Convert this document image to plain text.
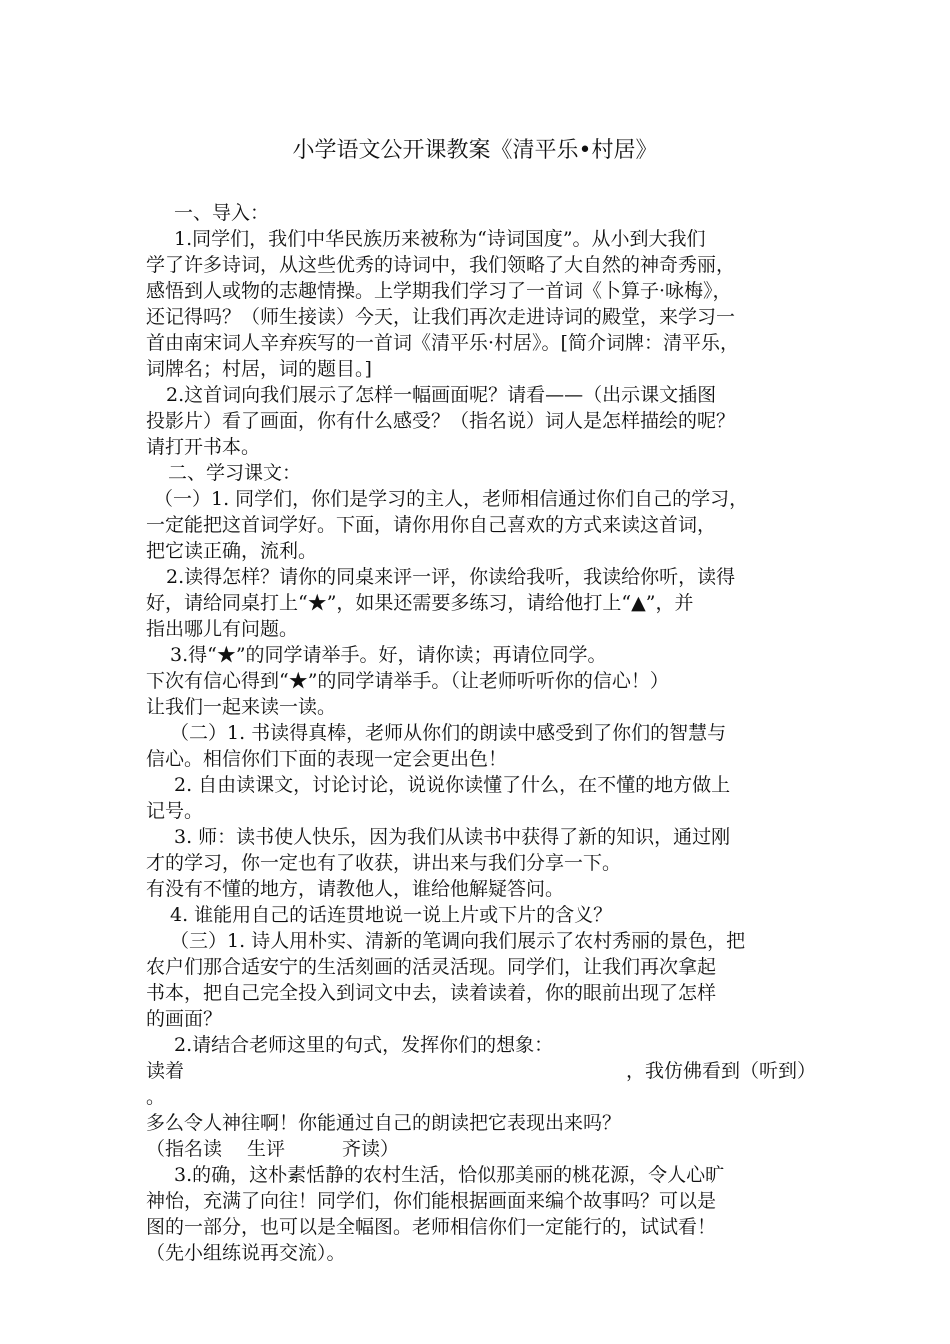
小学语文公开课教案《清平乐•村居》
一、导入：
1.同学们，我们中华民族历来被称为“诗词国度”。从小到大我们
学了许多诗词，从这些优秀的诗词中，我们领略了大自然的神奇秀丽，
感悟到人或物的志趣情操。上学期我们学习了一首词《卜算子·咏梅》，
还记得吗？（师生接读）今天，让我们再次走进诗词的殿堂，来学习一
首由南宋词人辛弃疾写的一首词《清平乐·村居》。[简介词牌：清平乐，
词牌名；村居，词的题目。]
2.这首词向我们展示了怎样一幅画面呢？请看——（出示课文插图
投影片）看了画面，你有什么感受？（指名说）词人是怎样描绘的呢？
请打开书本。
二、学习课文：
（一）1. 同学们，你们是学习的主人，老师相信通过你们自己的学习，
一定能把这首词学好。下面，请你用你自己喜欢的方式来读这首词，
把它读正确，流利。
2.读得怎样？请你的同桌来评一评，你读给我听，我读给你听，读得
好，请给同桌打上“★”，如果还需要多练习，请给他打上“▲”，并
指出哪儿有问题。
3.得“★”的同学请举手。好，请你读；再请位同学。
下次有信心得到“★”的同学请举手。（让老师听听你的信心！）
让我们一起来读一读。
（二）1. 书读得真棒，老师从你们的朗读中感受到了你们的智慧与
信心。相信你们下面的表现一定会更出色！
2. 自由读课文，讨论讨论，说说你读懂了什么，在不懂的地方做上
记号。
3. 师：读书使人快乐，因为我们从读书中获得了新的知识，通过刚
才的学习，你一定也有了收获，讲出来与我们分享一下。
有没有不懂的地方，请教他人，谁给他解疑答问。
4. 谁能用自己的话连贯地说一说上片或下片的含义？
（三）1. 诗人用朴实、清新的笔调向我们展示了农村秀丽的景色，把
农户们那合适安宁的生活刻画的活灵活现。同学们，让我们再次拿起
书本，把自己完全投入到词文中去，读着读着，你的眼前出现了怎样
的画面？
2.请结合老师这里的句式，发挥你们的想象：
读着	，我仿佛看到（听到）
。
多么令人神往啊！你能通过自己的朗读把它表现出来吗？
（指名读　 生评　　　齐读）
3.的确，这朴素恬静的农村生活，恰似那美丽的桃花源，令人心旷
神怡，充满了向往！同学们，你们能根据画面来编个故事吗？可以是
图的一部分，也可以是全幅图。老师相信你们一定能行的，试试看！
（先小组练说再交流）。
